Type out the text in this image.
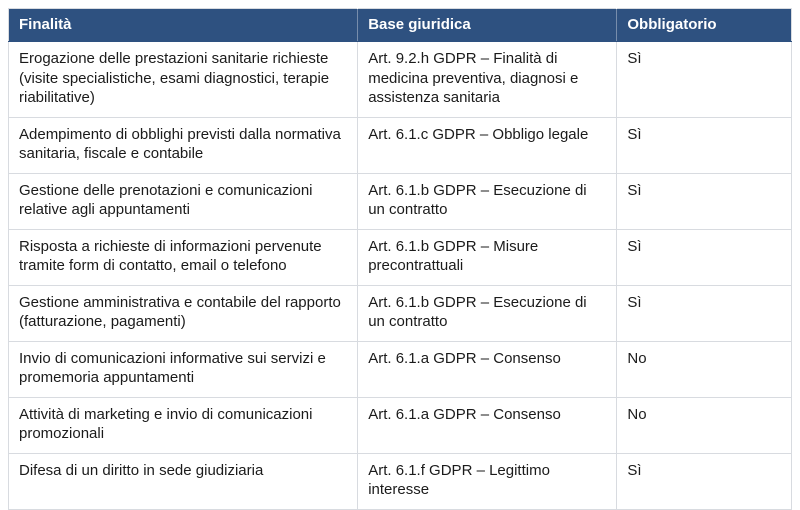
Finalità	Base giuridica	Obbligatorio
Erogazione delle prestazioni sanitarie richieste (visite specialistiche, esami diagnostici, terapie riabilitative)	Art. 9.2.h GDPR – Finalità di medicina preventiva, diagnosi e assistenza sanitaria	Sì
Adempimento di obblighi previsti dalla normativa sanitaria, fiscale e contabile	Art. 6.1.c GDPR – Obbligo legale	Sì
Gestione delle prenotazioni e comunicazioni relative agli appuntamenti	Art. 6.1.b GDPR – Esecuzione di un contratto	Sì
Risposta a richieste di informazioni pervenute tramite form di contatto, email o telefono	Art. 6.1.b GDPR – Misure precontrattuali	Sì
Gestione amministrativa e contabile del rapporto (fatturazione, pagamenti)	Art. 6.1.b GDPR – Esecuzione di un contratto	Sì
Invio di comunicazioni informative sui servizi e promemoria appuntamenti	Art. 6.1.a GDPR – Consenso	No
Attività di marketing e invio di comunicazioni promozionali	Art. 6.1.a GDPR – Consenso	No
Difesa di un diritto in sede giudiziaria	Art. 6.1.f GDPR – Legittimo interesse	Sì
